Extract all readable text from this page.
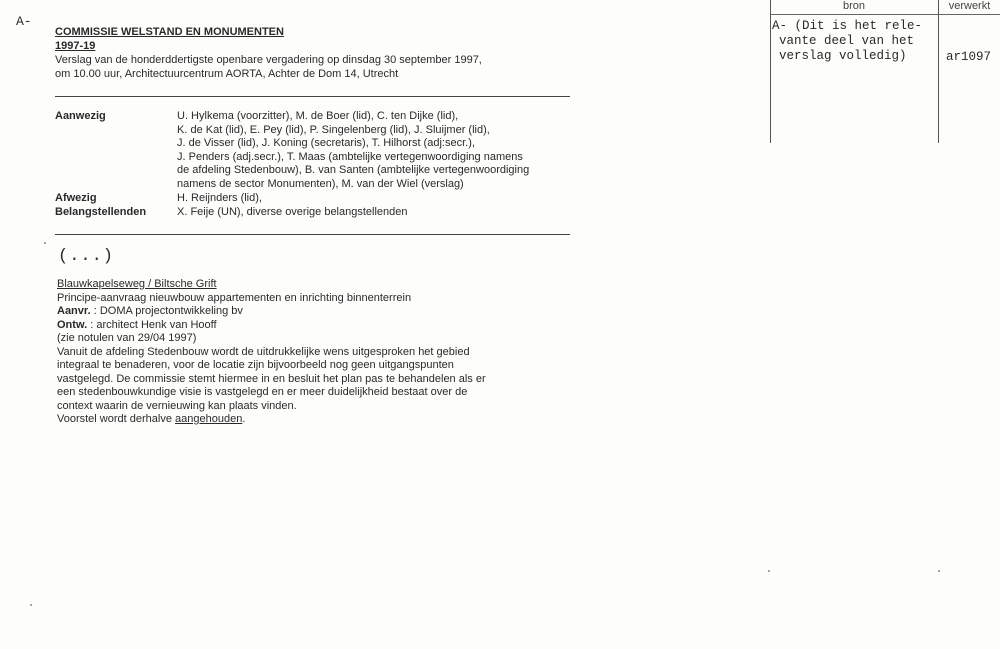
A-
bron	verwerkt
A- (Dit is het rele-
vante deel van het
verslag volledig)	ar1097
COMMISSIE WELSTAND EN MONUMENTEN
1997-19
Verslag van de honderddertigste openbare vergadering op dinsdag 30 september 1997,
om 10.00 uur, Architectuurcentrum AORTA, Achter de Dom 14, Utrecht
Aanwezig	U. Hylkema (voorzitter), M. de Boer (lid), C. ten Dijke (lid),
K. de Kat (lid), E. Pey (lid), P. Singelenberg (lid), J. Sluijmer (lid),
J. de Visser (lid), J. Koning (secretaris), T. Hilhorst (adj:secr.),
J. Penders (adj.secr.), T. Maas (ambtelijke vertegenwoordiging namens
de afdeling Stedenbouw), B. van Santen (ambtelijke vertegenwoordiging
namens de sector Monumenten), M. van der Wiel (verslag)
Afwezig	H. Reijnders (lid),
Belangstellenden	X. Feije (UN), diverse overige belangstellenden
(...)
Blauwkapelseweg / Biltsche Grift
Principe-aanvraag nieuwbouw appartementen en inrichting binnenterrein
Aanvr. : DOMA projectontwikkeling bv
Ontw. : architect Henk van Hooff
(zie notulen van 29/04 1997)
Vanuit de afdeling Stedenbouw wordt de uitdrukkelijke wens uitgesproken het gebied
integraal te benaderen, voor de locatie zijn bijvoorbeeld nog geen uitgangspunten
vastgelegd. De commissie stemt hiermee in en besluit het plan pas te behandelen als er
een stedenbouwkundige visie is vastgelegd en er meer duidelijkheid bestaat over de
context waarin de vernieuwing kan plaats vinden.
Voorstel wordt derhalve aangehouden.
